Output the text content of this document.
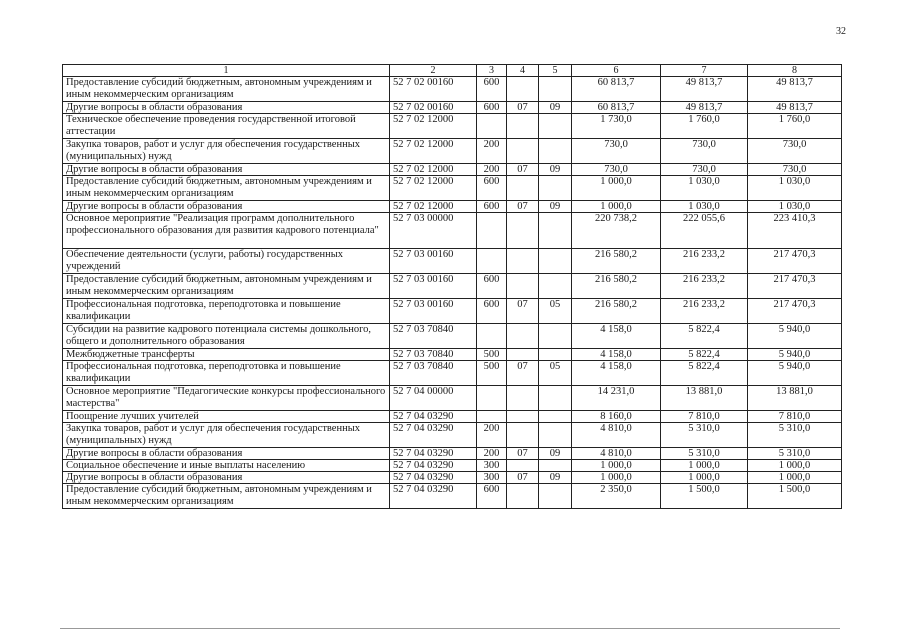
32
1	2	3	4	5	6	7	8
Предоставление субсидий бюджетным, автономным учреждениям и иным некоммерческим организациям	52 7 02 00160	600			60 813,7	49 813,7	49 813,7
Другие вопросы в области образования	52 7 02 00160	600	07	09	60 813,7	49 813,7	49 813,7
Техническое обеспечение проведения государственной итоговой аттестации	52 7 02 12000				1 730,0	1 760,0	1 760,0
Закупка товаров, работ и услуг для обеспечения государственных (муниципальных) нужд	52 7 02 12000	200			730,0	730,0	730,0
Другие вопросы в области образования	52 7 02 12000	200	07	09	730,0	730,0	730,0
Предоставление субсидий бюджетным, автономным учреждениям и иным некоммерческим организациям	52 7 02 12000	600			1 000,0	1 030,0	1 030,0
Другие вопросы в области образования	52 7 02 12000	600	07	09	1 000,0	1 030,0	1 030,0
Основное мероприятие "Реализация программ дополнительного профессионального образования для развития кадрового потенциала"	52 7 03 00000				220 738,2	222 055,6	223 410,3
Обеспечение деятельности (услуги, работы) государственных учреждений	52 7 03 00160				216 580,2	216 233,2	217 470,3
Предоставление субсидий бюджетным, автономным учреждениям и иным некоммерческим организациям	52 7 03 00160	600			216 580,2	216 233,2	217 470,3
Профессиональная подготовка, переподготовка и повышение квалификации	52 7 03 00160	600	07	05	216 580,2	216 233,2	217 470,3
Субсидии на развитие кадрового потенциала системы дошкольного, общего и дополнительного образования	52 7 03 70840				4 158,0	5 822,4	5 940,0
Межбюджетные трансферты	52 7 03 70840	500			4 158,0	5 822,4	5 940,0
Профессиональная подготовка, переподготовка и повышение квалификации	52 7 03 70840	500	07	05	4 158,0	5 822,4	5 940,0
Основное мероприятие "Педагогические конкурсы профессионального мастерства"	52 7 04 00000				14 231,0	13 881,0	13 881,0
Поощрение лучших учителей	52 7 04 03290				8 160,0	7 810,0	7 810,0
Закупка товаров, работ и услуг для обеспечения государственных (муниципальных) нужд	52 7 04 03290	200			4 810,0	5 310,0	5 310,0
Другие вопросы в области образования	52 7 04 03290	200	07	09	4 810,0	5 310,0	5 310,0
Социальное обеспечение и иные выплаты населению	52 7 04 03290	300			1 000,0	1 000,0	1 000,0
Другие вопросы в области образования	52 7 04 03290	300	07	09	1 000,0	1 000,0	1 000,0
Предоставление субсидий бюджетным, автономным учреждениям и иным некоммерческим организациям	52 7 04 03290	600			2 350,0	1 500,0	1 500,0
